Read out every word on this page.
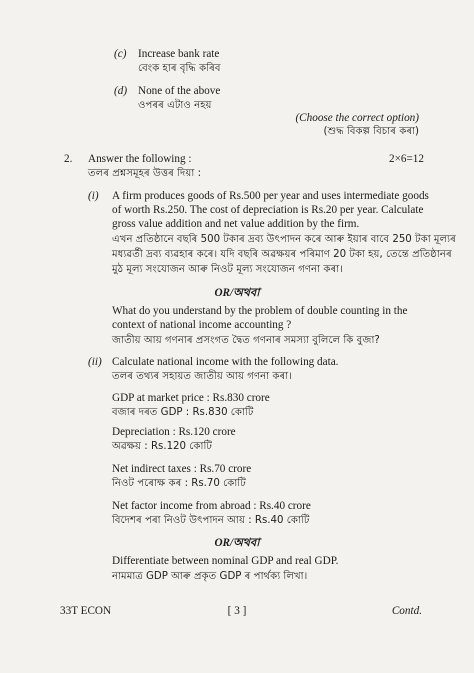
(c) Increase bank rate
বেংক হাৰ বৃদ্ধি কৰিব
(d) None of the above
ওপৰৰ এটাও নহয়
(Choose the correct option)
(শুদ্ধ বিকল্প বিচাৰ কৰা)
2. Answer the following :
তলৰ প্ৰশ্নসমূহৰ উত্তৰ দিয়া :
2×6=12
(i) A firm produces goods of Rs.500 per year and uses intermediate goods
of worth Rs.250. The cost of depreciation is Rs.20 per year. Calculate
gross value addition and net value addition by the firm.
এখন প্ৰতিষ্ঠানে বছৰি 500 টকাৰ দ্ৰব্য উৎপাদন কৰে আৰু ইয়াৰ বাবে 250 টকা মূল্যৰ
মধ্যৱৰ্তী দ্ৰব্য ব্যৱহাৰ কৰে। যদি বছৰি অৱক্ষয়ৰ পৰিমাণ 20 টকা হয়, তেন্তে প্ৰতিষ্ঠানৰ
মুঠ মূল্য সংযোজন আৰু নিওট মূল্য সংযোজন গণনা কৰা।
OR/অথবা
What do you understand by the problem of double counting in the
context of national income accounting ?
জাতীয় আয় গণনাৰ প্ৰসংগত দ্বৈত গণনাৰ সমস্যা বুলিলে কি বুজা?
(ii) Calculate national income with the following data.
তলৰ তথ্যৰ সহায়ত জাতীয় আয় গণনা কৰা।
GDP at market price : Rs.830 crore
বজাৰ দৰত GDP : Rs.830 কোটি
Depreciation : Rs.120 crore
অৱক্ষয় : Rs.120 কোটি
Net indirect taxes : Rs.70 crore
নিওট পৰোক্ষ কৰ : Rs.70 কোটি
Net factor income from abroad : Rs.40 crore
বিদেশৰ পৰা নিওট উৎপাদন আয় : Rs.40 কোটি
OR/অথবা
Differentiate between nominal GDP and real GDP.
নামমাত্ৰ GDP আৰু প্ৰকৃত GDP ৰ পাৰ্থক্য লিখা।
33T ECON	[ 3 ]	Contd.
